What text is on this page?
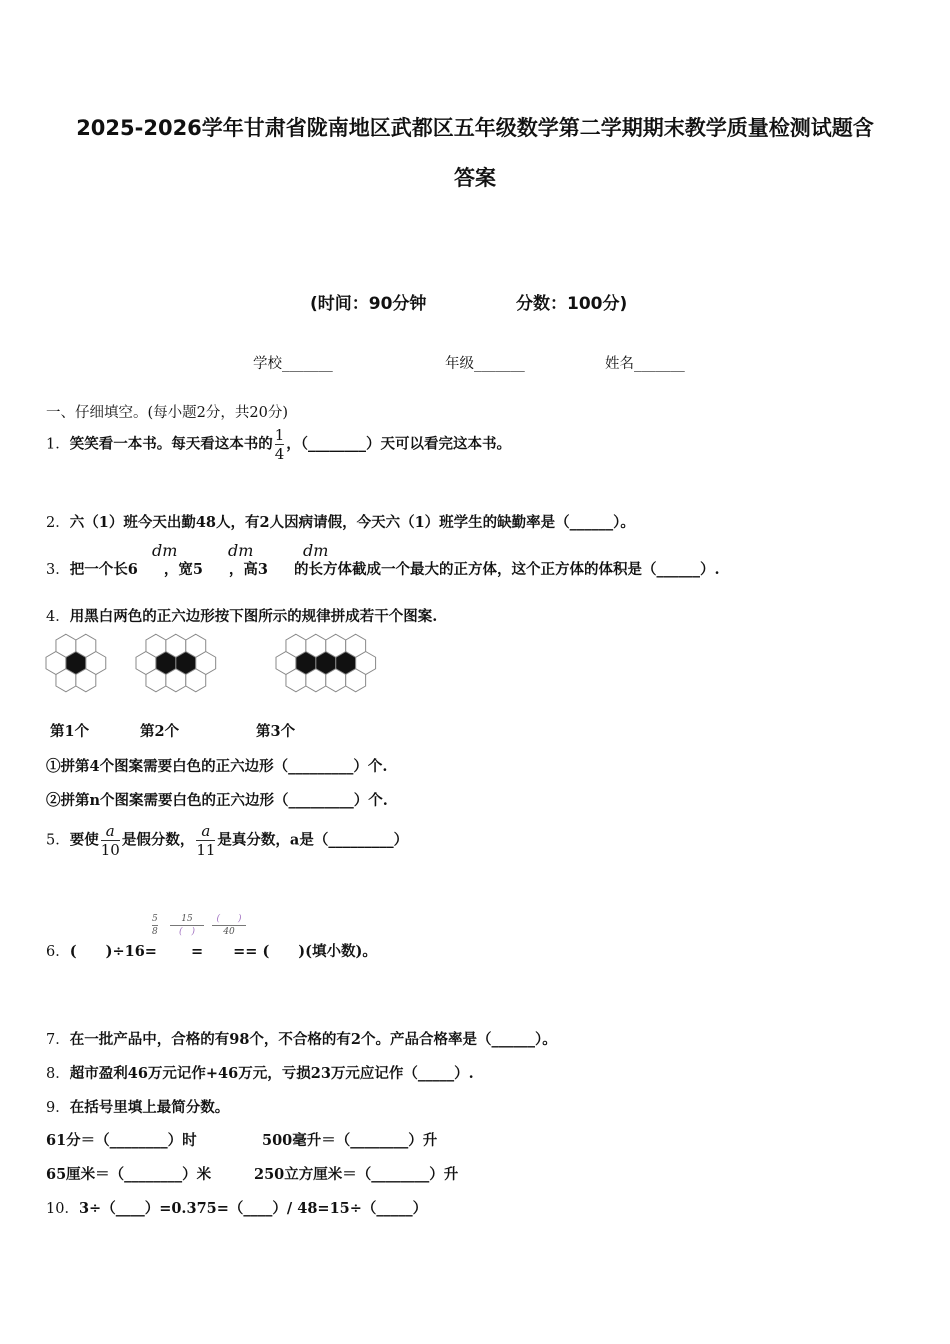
2025-2026学年甘肃省陇南地区武都区五年级数学第二学期期末教学质量检测试题含
答案
(时间：90分钟	分数：100分)
学校_______	年级_______	姓名_______
一、仔细填空。(每小题2分，共20分)
1．笑笑看一本书。每天看这本书的 $\frac{1}{4}$ ，（________）天可以看完这本书。
2．六（1）班今天出勤48人，有2人因病请假，今天六（1）班学生的缺勤率是（______）。
3．把一个长6 ，宽5 ，高3 的长方体截成一个最大的正方体，这个正方体的体积是（______）.
dm	dm	dm
4．用黑白两色的正六边形按下图所示的规律拼成若干个图案.
第1个	第2个	第3个
①拼第4个图案需要白色的正六边形（_________）个.
②拼第n个图案需要白色的正六边形（_________）个.
5．要使 $\frac{a}{10}$ 是假分数， $\frac{a}{11}$ 是真分数，a是（_________）
6．(　　)÷16= = == (　　)(填小数)。
$\frac{5}{8}$	15
(　)
(　　)
40
7．在一批产品中，合格的有98个，不合格的有2个。产品合格率是（______）。
8．超市盈利46万元记作+46万元，亏损23万元应记作（_____）.
9．在括号里填上最简分数。
61分＝（________）时	500毫升＝（________）升
65厘米＝（________）米	250立方厘米＝（________）升
10．3÷（____）=0.375=（____）/ 48=15÷（_____）
